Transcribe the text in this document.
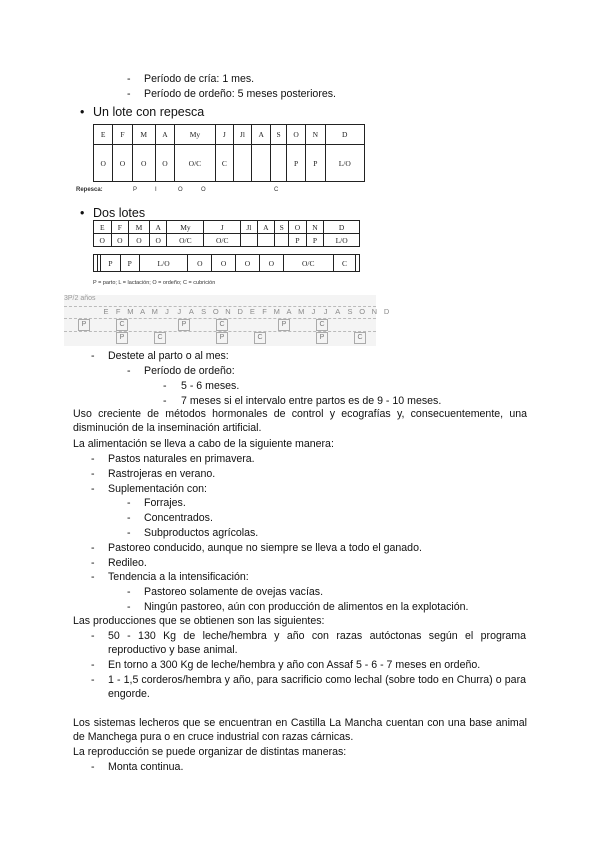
- Período de cría: 1 mes.
- Período de ordeño: 5 meses posteriores.
• Un lote con repesca
E	F	M	A	My	J	Jl	A	S	O	N	D
O	O	O	O	O/C	C				P	P	L/O
Repesca:	P	I	O	O	C
• Dos lotes
E	F	M	A	My	J	Jl	A	S	O	N	D
O	O	O	O	O/C	O/C				P	P	L/O
		P	P	L/O	O	O	O	O	O/C	C	
P = parto; L = lactación; O = ordeño; C = cubrición
3P/2 años
E F M A M J	J	A S O N D E F M A M J	J	A S O N D
P	C	P	C	P	C
P	C	P	C	P	C
- Destete al parto o al mes:
- Período de ordeño:
- 5 - 6 meses.
- 7 meses si el intervalo entre partos es de 9 - 10 meses.
Uso creciente de métodos hormonales de control y ecografías y, consecuentemente, una disminución de la inseminación artificial.
La alimentación se lleva a cabo de la siguiente manera:
- Pastos naturales en primavera.
- Rastrojeras en verano.
- Suplementación con:
- Forrajes.
- Concentrados.
- Subproductos agrícolas.
- Pastoreo conducido, aunque no siempre se lleva a todo el ganado.
- Redileo.
- Tendencia a la intensificación:
- Pastoreo solamente de ovejas vacías.
- Ningún pastoreo, aún con producción de alimentos en la explotación.
Las producciones que se obtienen son las siguientes:
- 50 - 130 Kg de leche/hembra y año con razas autóctonas según el programa reproductivo y base animal.
- En torno a 300 Kg de leche/hembra y año con Assaf 5 - 6 - 7 meses en ordeño.
- 1 - 1,5 corderos/hembra y año, para sacrificio como lechal (sobre todo en Churra) o para engorde.
Los sistemas lecheros que se encuentran en Castilla La Mancha cuentan con una base animal de Manchega pura o en cruce industrial con razas cárnicas.
La reproducción se puede organizar de distintas maneras:
- Monta continua.
